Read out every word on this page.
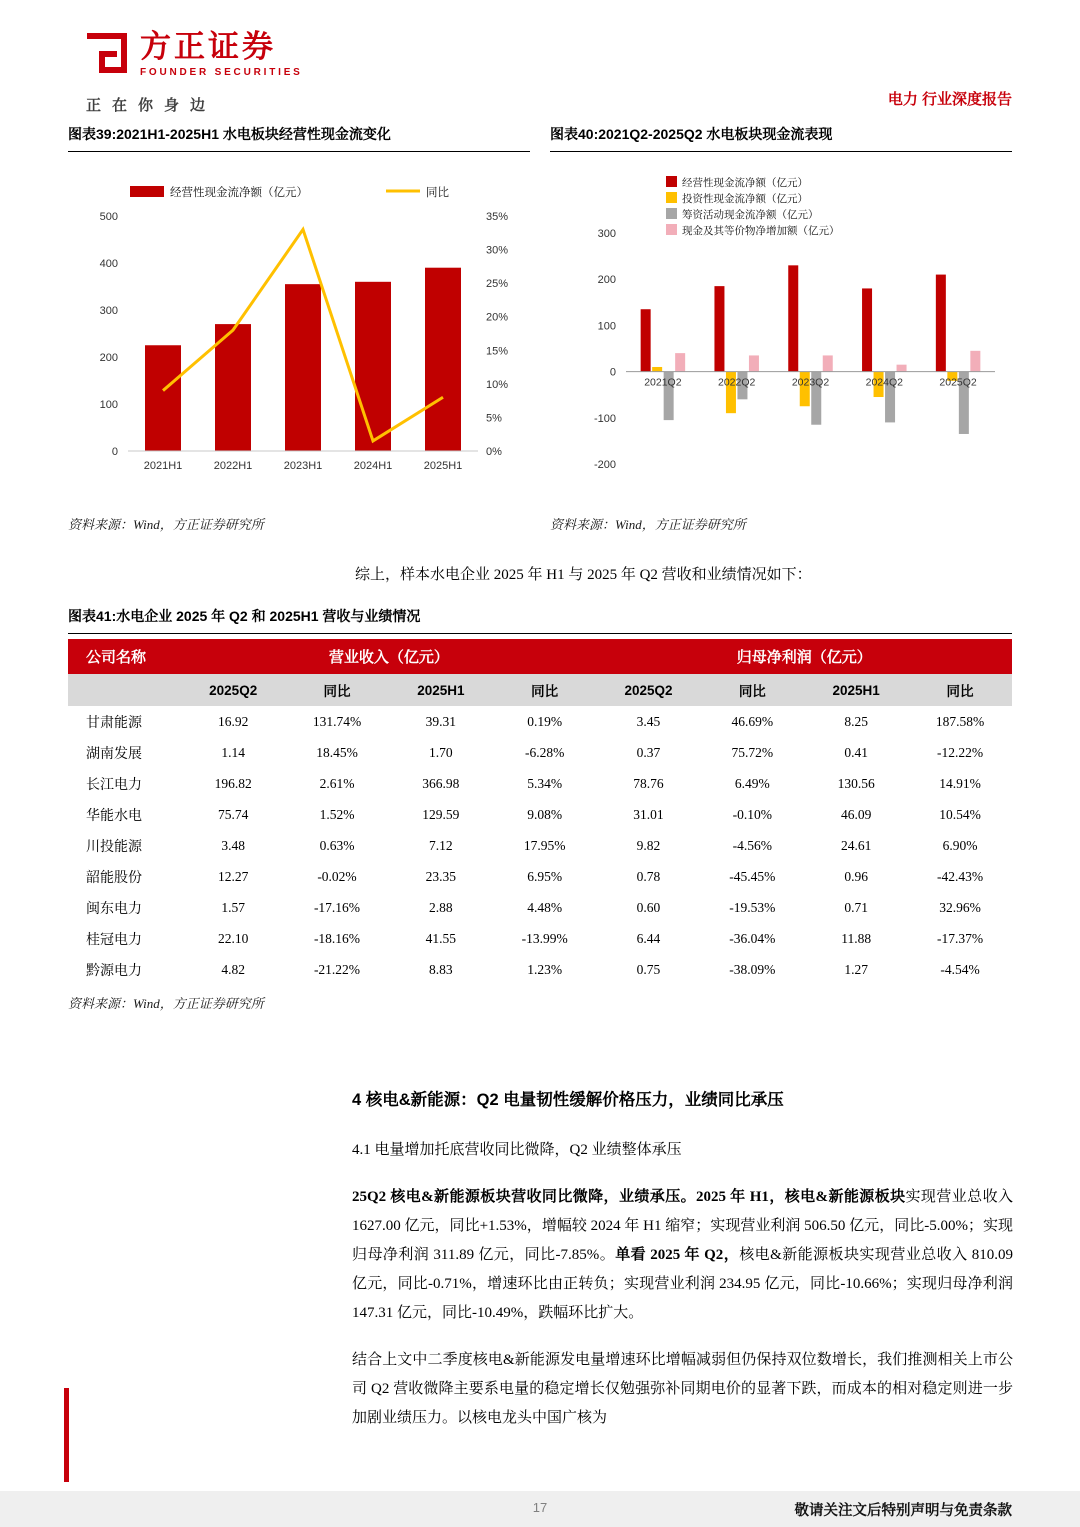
方正证券
FOUNDER SECURITIES
正在你身边	电力 行业深度报告
图表39:2021H1-2025H1 水电板块经营性现金流变化
0
100
200
300
400
500
0%
5%
10%
15%
20%
25%
30%
35%
2021H1	2022H1	2023H1	2024H1	2025H1
经营性现金流净额（亿元）	同比
资料来源：Wind，方正证券研究所
图表40:2021Q2-2025Q2 水电板块现金流表现
-200
-100
0
100
200
300
2021Q2	2022Q2	2023Q2	2024Q2	2025Q2
经营性现金流净额（亿元）
投资性现金流净额（亿元）
筹资活动现金流净额（亿元）
现金及其等价物净增加额（亿元）
资料来源：Wind，方正证券研究所
综上，样本水电企业 2025 年 H1 与 2025 年 Q2 营收和业绩情况如下：
图表41:水电企业 2025 年 Q2 和 2025H1 营收与业绩情况
公司名称	营业收入（亿元）				归母净利润（亿元）			
	2025Q2	同比	2025H1	同比	2025Q2	同比	2025H1	同比
甘肃能源	16.92	131.74%	39.31	0.19%	3.45	46.69%	8.25	187.58%
湖南发展	1.14	18.45%	1.70	-6.28%	0.37	75.72%	0.41	-12.22%
长江电力	196.82	2.61%	366.98	5.34%	78.76	6.49%	130.56	14.91%
华能水电	75.74	1.52%	129.59	9.08%	31.01	-0.10%	46.09	10.54%
川投能源	3.48	0.63%	7.12	17.95%	9.82	-4.56%	24.61	6.90%
韶能股份	12.27	-0.02%	23.35	6.95%	0.78	-45.45%	0.96	-42.43%
闽东电力	1.57	-17.16%	2.88	4.48%	0.60	-19.53%	0.71	32.96%
桂冠电力	22.10	-18.16%	41.55	-13.99%	6.44	-36.04%	11.88	-17.37%
黔源电力	4.82	-21.22%	8.83	1.23%	0.75	-38.09%	1.27	-4.54%
资料来源：Wind，方正证券研究所
4 核电&新能源：Q2 电量韧性缓解价格压力，业绩同比承压
4.1 电量增加托底营收同比微降，Q2 业绩整体承压

25Q2 核电&新能源板块营收同比微降，业绩承压。2025 年 H1，核电&新能源板块实现营业总收入 1627.00 亿元，同比+1.53%，增幅较 2024 年 H1 缩窄；实现营业利润 506.50 亿元，同比-5.00%；实现归母净利润 311.89 亿元，同比-7.85%。单看 2025 年 Q2，核电&新能源板块实现营业总收入 810.09 亿元，同比-0.71%，增速环比由正转负；实现营业利润 234.95 亿元，同比-10.66%；实现归母净利润 147.31 亿元，同比-10.49%，跌幅环比扩大。

结合上文中二季度核电&新能源发电量增速环比增幅减弱但仍保持双位数增长，我们推测相关上市公司 Q2 营收微降主要系电量的稳定增长仅勉强弥补同期电价的显著下跌，而成本的相对稳定则进一步加剧业绩压力。以核电龙头中国广核为

17	敬请关注文后特别声明与免责条款
